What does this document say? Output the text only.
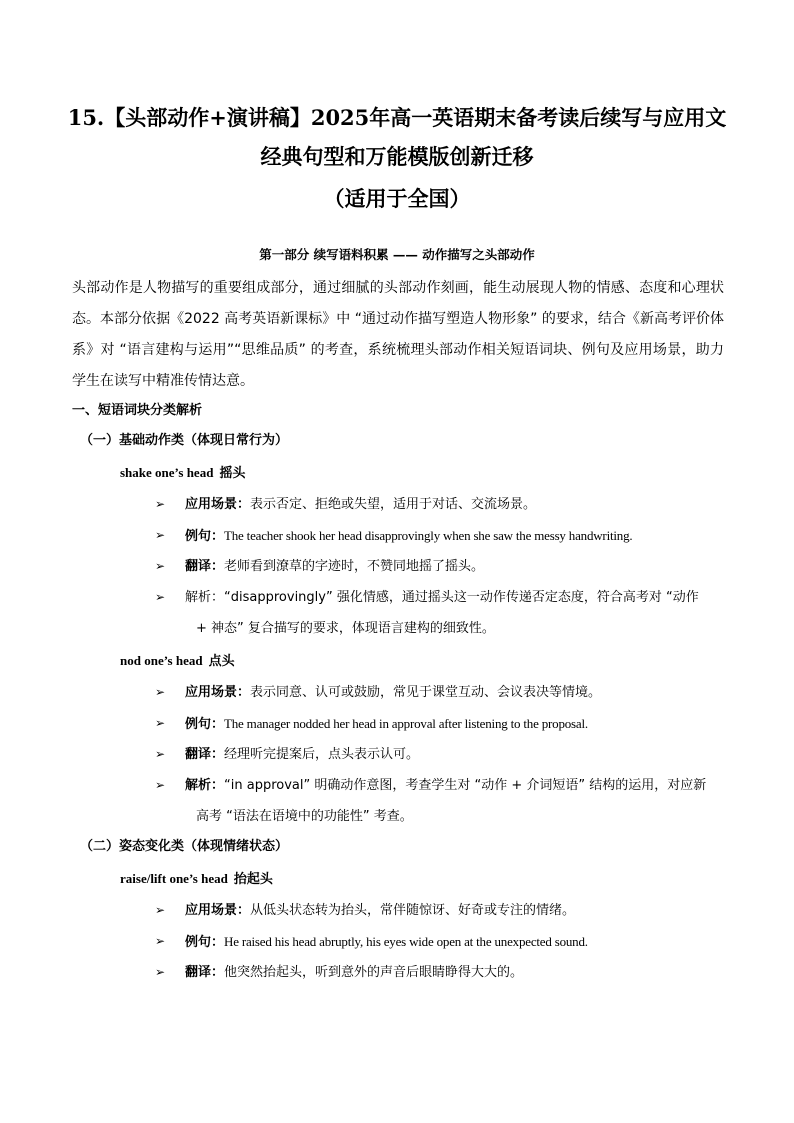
15.【头部动作+演讲稿】2025年高一英语期末备考读后续写与应用文
经典句型和万能模版创新迁移
（适用于全国）
第一部分 续写语料积累 —— 动作描写之头部动作
头部动作是人物描写的重要组成部分，通过细腻的头部动作刻画，能生动展现人物的情感、态度和心理状态。本部分依据《2022 高考英语新课标》中 “通过动作描写塑造人物形象” 的要求，结合《新高考评价体系》对 “语言建构与运用”“思维品质” 的考查，系统梳理头部动作相关短语词块、例句及应用场景，助力学生在读写中精准传情达意。
一、短语词块分类解析
（一）基础动作类（体现日常行为）
shake one’s head 摇头
➢ 应用场景：表示否定、拒绝或失望，适用于对话、交流场景。
➢ 例句：The teacher shook her head disapprovingly when she saw the messy handwriting.
➢ 翻译：老师看到潦草的字迹时，不赞同地摇了摇头。
➢ 解析：“disapprovingly” 强化情感，通过摇头这一动作传递否定态度，符合高考对 “动作
+ 神态” 复合描写的要求，体现语言建构的细致性。
nod one’s head 点头
➢ 应用场景：表示同意、认可或鼓励，常见于课堂互动、会议表决等情境。
➢ 例句：The manager nodded her head in approval after listening to the proposal.
➢ 翻译：经理听完提案后，点头表示认可。
➢ 解析：“in approval” 明确动作意图，考查学生对 “动作 + 介词短语” 结构的运用，对应新
高考 “语法在语境中的功能性” 考查。
（二）姿态变化类（体现情绪状态）
raise/lift one’s head 抬起头
➢ 应用场景：从低头状态转为抬头，常伴随惊讶、好奇或专注的情绪。
➢ 例句：He raised his head abruptly, his eyes wide open at the unexpected sound.
➢ 翻译：他突然抬起头，听到意外的声音后眼睛睁得大大的。
